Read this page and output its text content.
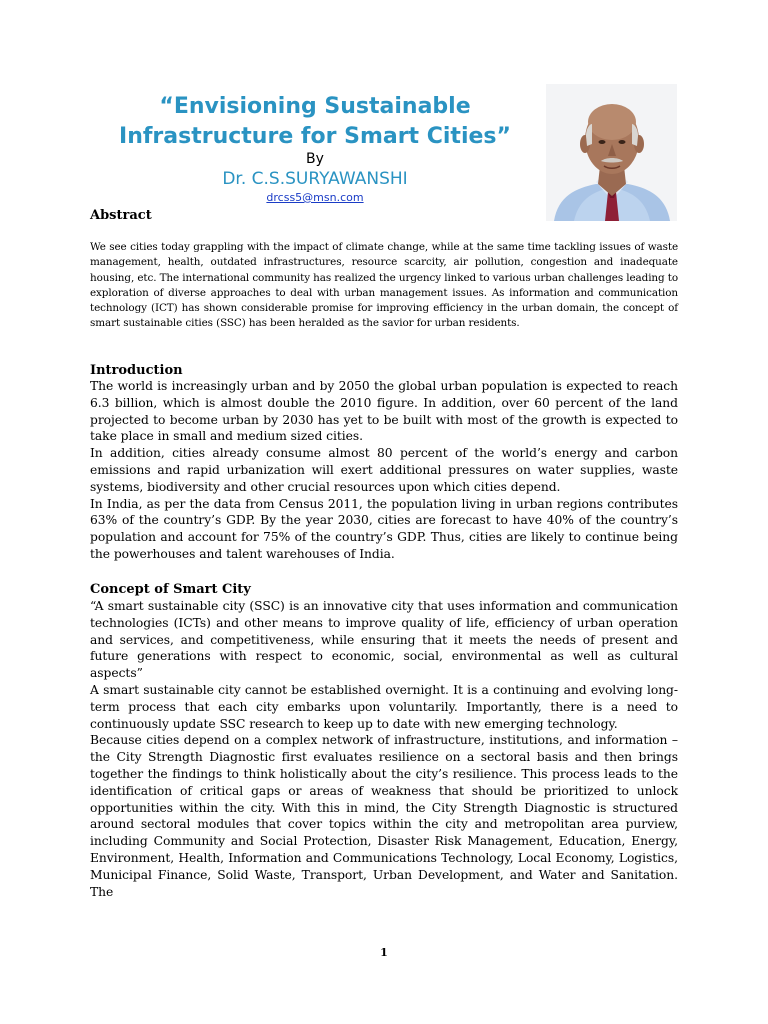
“Envisioning Sustainable
Infrastructure for Smart Cities”
By
Dr. C.S.SURYAWANSHI
drcss5@msn.com
Abstract
We see cities today grappling with the impact of climate change, while at the same time tackling issues of waste management, health, outdated infrastructures, resource scarcity, air pollution, congestion and inadequate housing, etc. The international community has realized the urgency linked to various urban challenges leading to exploration of diverse approaches to deal with urban management issues. As information and communication technology (ICT) has shown considerable promise for improving efficiency in the urban domain, the concept of smart sustainable cities (SSC) has been heralded as the savior for urban residents.
Introduction

The world is increasingly urban and by 2050 the global urban population is expected to reach 6.3 billion, which is almost double the 2010 figure. In addition, over 60 percent of the land projected to become urban by 2030 has yet to be built with most of the growth is expected to take place in small and medium sized cities.

In addition, cities already consume almost 80 percent of the world’s energy and carbon emissions and rapid urbanization will exert additional pressures on water supplies, waste systems, biodiversity and other crucial resources upon which cities depend.

In India, as per the data from Census 2011, the population living in urban regions contributes 63% of the country’s GDP. By the year 2030, cities are forecast to have 40% of the country’s population and account for 75% of the country’s GDP. Thus, cities are likely to continue being the powerhouses and talent warehouses of India.

Concept of Smart City

“A smart sustainable city (SSC) is an innovative city that uses information and communication technologies (ICTs) and other means to improve quality of life, efficiency of urban operation and services, and competitiveness, while ensuring that it meets the needs of present and future generations with respect to economic, social, environmental as well as cultural aspects”

A smart sustainable city cannot be established overnight. It is a continuing and evolving long-term process that each city embarks upon voluntarily. Importantly, there is a need to continuously update SSC research to keep up to date with new emerging technology.

Because cities depend on a complex network of infrastructure, institutions, and information – the City Strength Diagnostic first evaluates resilience on a sectoral basis and then brings together the findings to think holistically about the city’s resilience. This process leads to the identification of critical gaps or areas of weakness that should be prioritized to unlock opportunities within the city. With this in mind, the City Strength Diagnostic is structured around sectoral modules that cover topics within the city and metropolitan area purview, including Community and Social Protection, Disaster Risk Management, Education, Energy, Environment, Health, Information and Communications Technology, Local Economy, Logistics, Municipal Finance, Solid Waste, Transport, Urban Development, and Water and Sanitation. The

1
